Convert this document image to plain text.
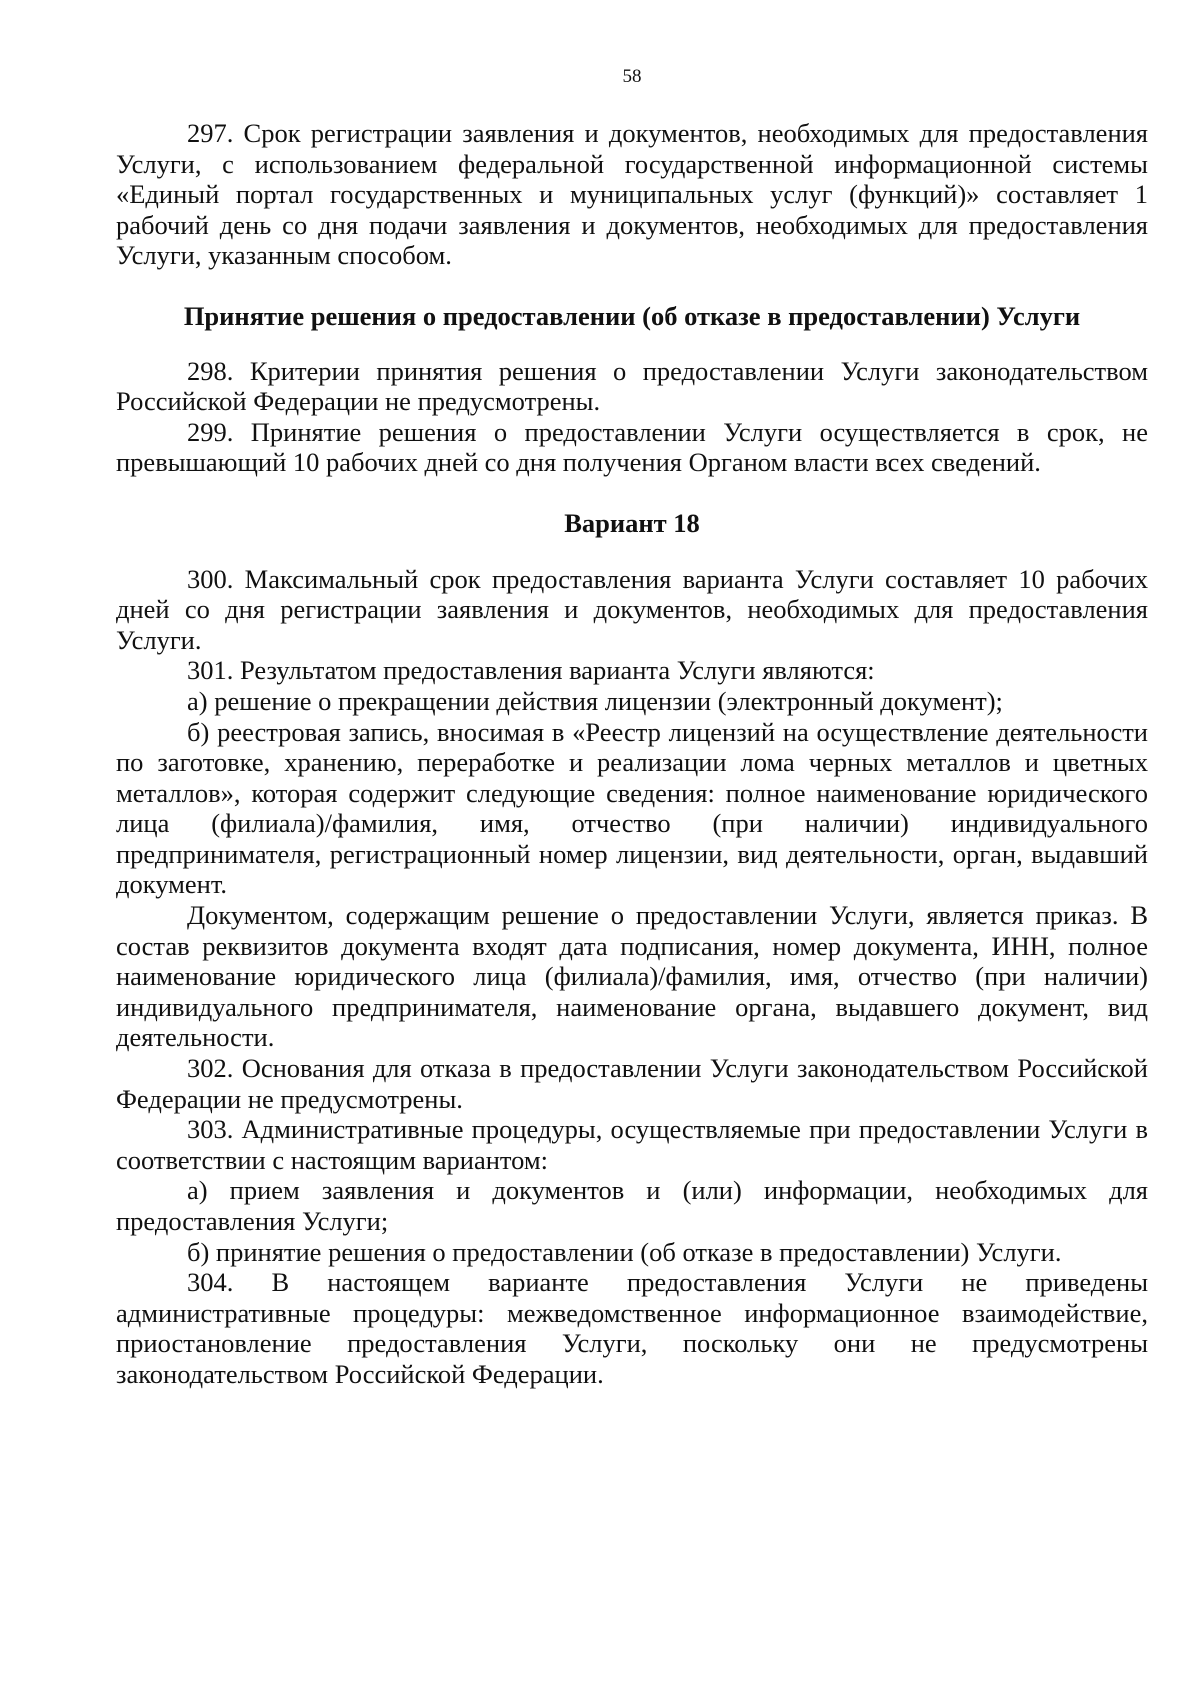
58

297. Срок регистрации заявления и документов, необходимых для предоставления Услуги, с использованием федеральной государственной информационной системы «Единый портал государственных и муниципальных услуг (функций)» составляет 1 рабочий день со дня подачи заявления и документов, необходимых для предоставления Услуги, указанным способом.

Принятие решения о предоставлении (об отказе в предоставлении) Услуги

298. Критерии принятия решения о предоставлении Услуги законодательством Российской Федерации не предусмотрены.

299. Принятие решения о предоставлении Услуги осуществляется в срок, не превышающий 10 рабочих дней со дня получения Органом власти всех сведений.

Вариант 18

300. Максимальный срок предоставления варианта Услуги составляет 10 рабочих дней со дня регистрации заявления и документов, необходимых для предоставления Услуги.

301. Результатом предоставления варианта Услуги являются:

а) решение о прекращении действия лицензии (электронный документ);

б) реестровая запись, вносимая в «Реестр лицензий на осуществление деятельности по заготовке, хранению, переработке и реализации лома черных металлов и цветных металлов», которая содержит следующие сведения: полное наименование юридического лица (филиала)/фамилия, имя, отчество (при наличии) индивидуального предпринимателя, регистрационный номер лицензии, вид деятельности, орган, выдавший документ.

Документом, содержащим решение о предоставлении Услуги, является приказ. В состав реквизитов документа входят дата подписания, номер документа, ИНН, полное наименование юридического лица (филиала)/фамилия, имя, отчество (при наличии) индивидуального предпринимателя, наименование органа, выдавшего документ, вид деятельности.

302. Основания для отказа в предоставлении Услуги законодательством Российской Федерации не предусмотрены.

303. Административные процедуры, осуществляемые при предоставлении Услуги в соответствии с настоящим вариантом:

а) прием заявления и документов и (или) информации, необходимых для предоставления Услуги;

б) принятие решения о предоставлении (об отказе в предоставлении) Услуги.

304. В настоящем варианте предоставления Услуги не приведены административные процедуры: межведомственное информационное взаимодействие, приостановление предоставления Услуги, поскольку они не предусмотрены законодательством Российской Федерации.
